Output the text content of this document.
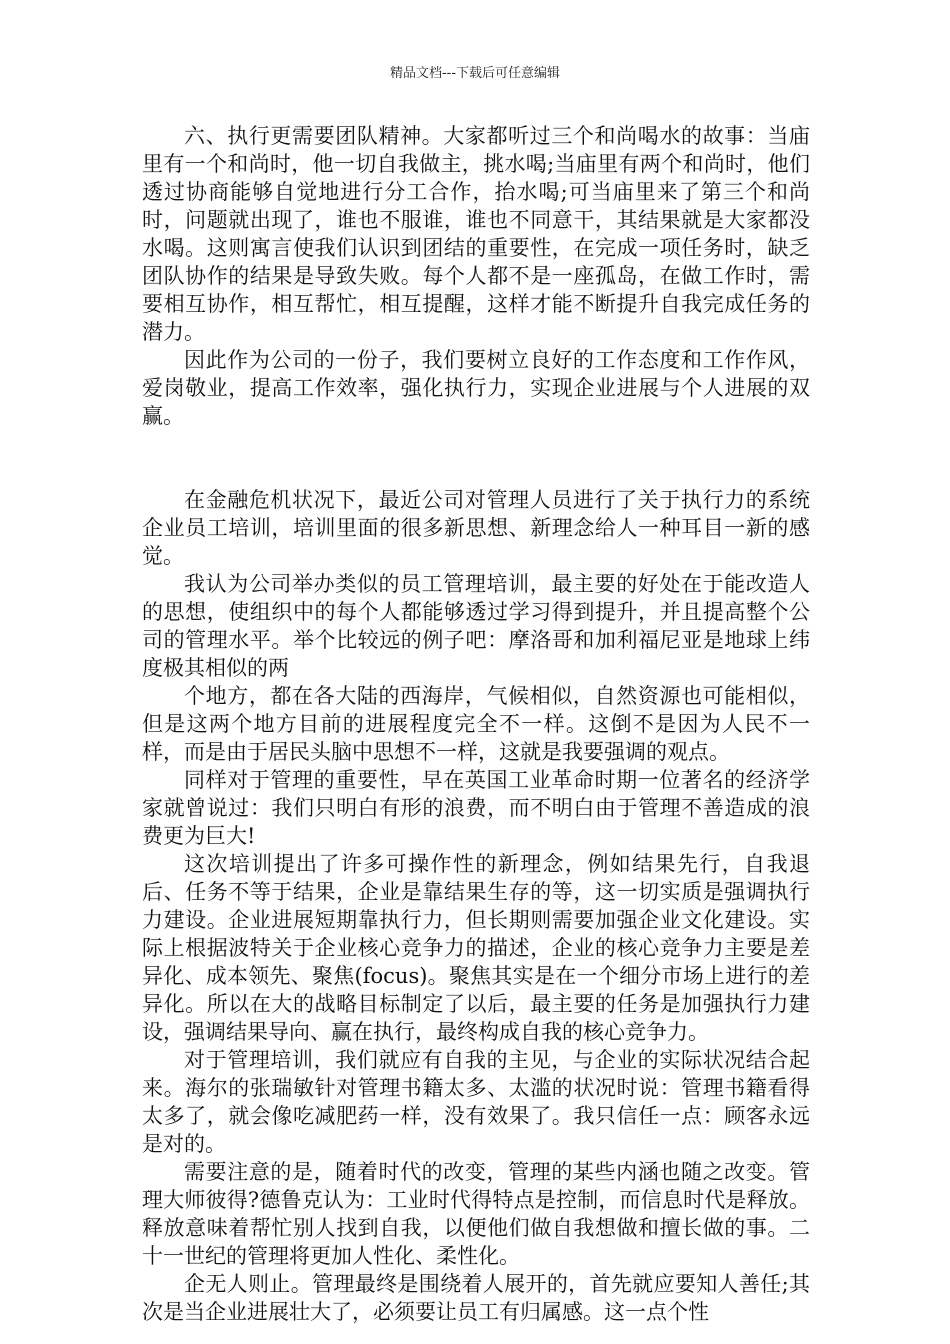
精品文档---下载后可任意编辑

六、执行更需要团队精神。大家都听过三个和尚喝水的故事：当庙里有一个和尚时，他一切自我做主，挑水喝;当庙里有两个和尚时，他们透过协商能够自觉地进行分工合作，抬水喝;可当庙里来了第三个和尚时，问题就出现了，谁也不服谁，谁也不同意干，其结果就是大家都没水喝。这则寓言使我们认识到团结的重要性，在完成一项任务时，缺乏团队协作的结果是导致失败。每个人都不是一座孤岛，在做工作时，需要相互协作，相互帮忙，相互提醒，这样才能不断提升自我完成任务的潜力。

因此作为公司的一份子，我们要树立良好的工作态度和工作作风，爱岗敬业，提高工作效率，强化执行力，实现企业进展与个人进展的双赢。

在金融危机状况下，最近公司对管理人员进行了关于执行力的系统企业员工培训，培训里面的很多新思想、新理念给人一种耳目一新的感觉。

我认为公司举办类似的员工管理培训，最主要的好处在于能改造人的思想，使组织中的每个人都能够透过学习得到提升，并且提高整个公司的管理水平。举个比较远的例子吧：摩洛哥和加利福尼亚是地球上纬度极其相似的两

个地方，都在各大陆的西海岸，气候相似，自然资源也可能相似，但是这两个地方目前的进展程度完全不一样。这倒不是因为人民不一样，而是由于居民头脑中思想不一样，这就是我要强调的观点。

同样对于管理的重要性，早在英国工业革命时期一位著名的经济学家就曾说过：我们只明白有形的浪费，而不明白由于管理不善造成的浪费更为巨大!

这次培训提出了许多可操作性的新理念，例如结果先行，自我退后、任务不等于结果，企业是靠结果生存的等，这一切实质是强调执行力建设。企业进展短期靠执行力，但长期则需要加强企业文化建设。实际上根据波特关于企业核心竞争力的描述，企业的核心竞争力主要是差异化、成本领先、聚焦(focus)。聚焦其实是在一个细分市场上进行的差异化。所以在大的战略目标制定了以后，最主要的任务是加强执行力建设，强调结果导向、赢在执行，最终构成自我的核心竞争力。

对于管理培训，我们就应有自我的主见，与企业的实际状况结合起来。海尔的张瑞敏针对管理书籍太多、太滥的状况时说：管理书籍看得太多了，就会像吃减肥药一样，没有效果了。我只信任一点：顾客永远是对的。

需要注意的是，随着时代的改变，管理的某些内涵也随之改变。管理大师彼得?德鲁克认为：工业时代得特点是控制，而信息时代是释放。释放意味着帮忙别人找到自我，以便他们做自我想做和擅长做的事。二十一世纪的管理将更加人性化、柔性化。

企无人则止。管理最终是围绕着人展开的，首先就应要知人善任;其次是当企业进展壮大了，必须要让员工有归属感。这一点个性
